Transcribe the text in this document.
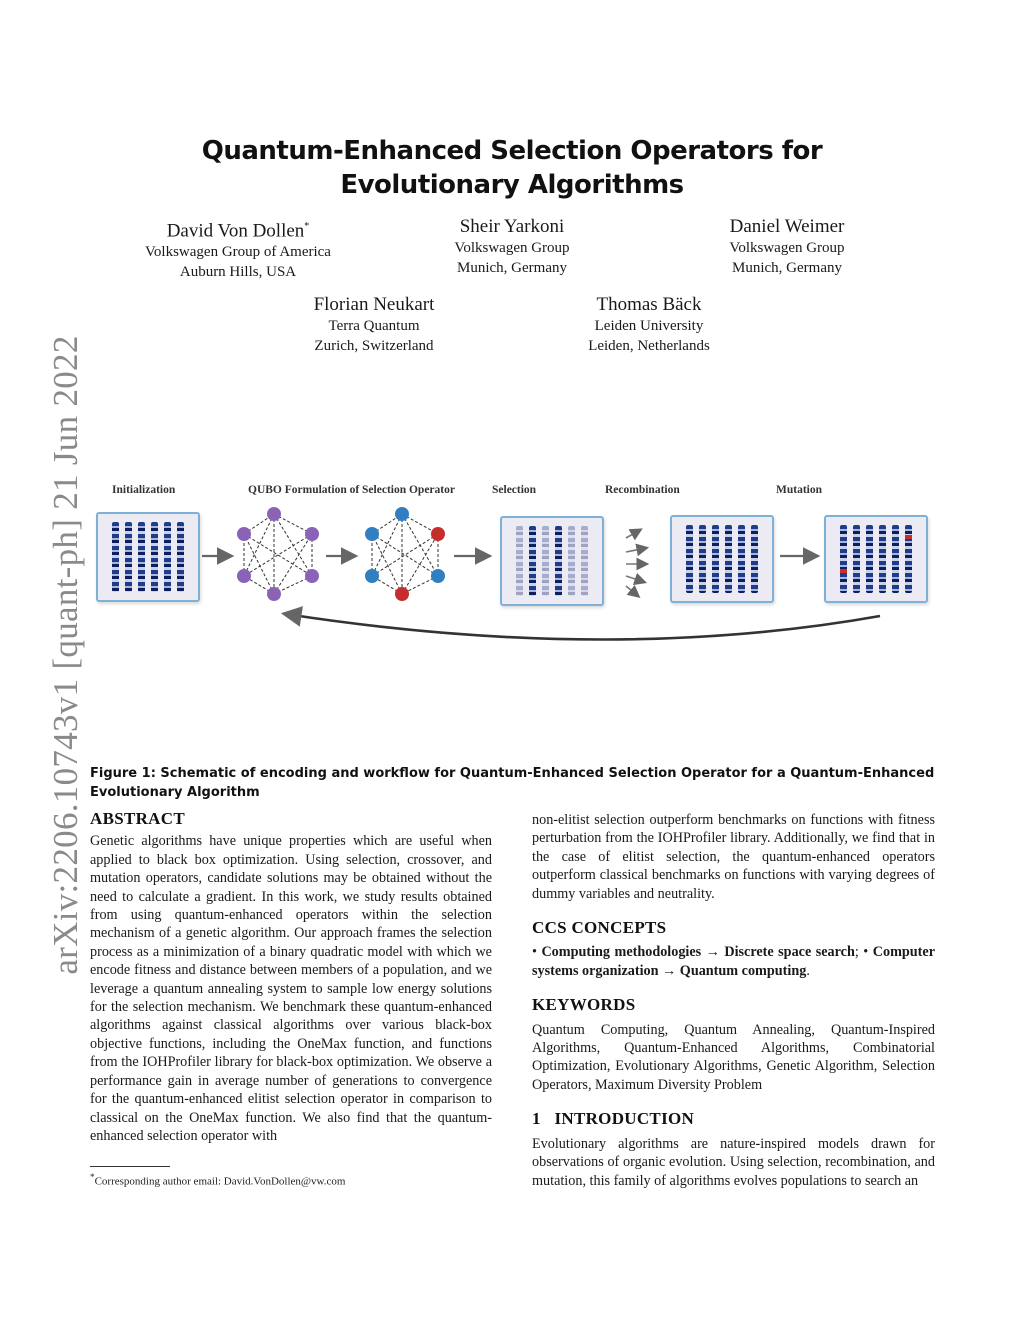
arXiv:2206.10743v1 [quant-ph] 21 Jun 2022
Quantum-Enhanced Selection Operators for Evolutionary Algorithms
David Von Dollen*
Volkswagen Group of America
Auburn Hills, USA
Sheir Yarkoni
Volkswagen Group
Munich, Germany
Daniel Weimer
Volkswagen Group
Munich, Germany
Florian Neukart
Terra Quantum
Zurich, Switzerland
Thomas Bäck
Leiden University
Leiden, Netherlands
Initialization	QUBO Formulation of Selection Operator	Selection	Recombination	Mutation
Figure 1: Schematic of encoding and workflow for Quantum-Enhanced Selection Operator for a Quantum-Enhanced Evolutionary Algorithm

ABSTRACT

Genetic algorithms have unique properties which are useful when applied to black box optimization. Using selection, crossover, and mutation operators, candidate solutions may be obtained without the need to calculate a gradient. In this work, we study results obtained from using quantum-enhanced operators within the selection mechanism of a genetic algorithm. Our approach frames the selection process as a minimization of a binary quadratic model with which we encode fitness and distance between members of a population, and we leverage a quantum annealing system to sample low energy solutions for the selection mechanism. We benchmark these quantum-enhanced algorithms against classical algorithms over various black-box objective functions, including the OneMax function, and functions from the IOHProfiler library for black-box optimization. We observe a performance gain in average number of generations to convergence for the quantum-enhanced elitist selection operator in comparison to classical on the OneMax function. We also find that the quantum-enhanced selection operator with
non-elitist selection outperform benchmarks on functions with fitness perturbation from the IOHProfiler library. Additionally, we find that in the case of elitist selection, the quantum-enhanced operators outperform classical benchmarks on functions with varying degrees of dummy variables and neutrality.

CCS CONCEPTS

• Computing methodologies → Discrete space search; • Computer systems organization → Quantum computing.

KEYWORDS

Quantum Computing, Quantum Annealing, Quantum-Inspired Algorithms, Quantum-Enhanced Algorithms, Combinatorial Optimization, Evolutionary Algorithms, Genetic Algorithm, Selection Operators, Maximum Diversity Problem

1 INTRODUCTION

Evolutionary algorithms are nature-inspired models drawn for observations of organic evolution. Using selection, recombination, and mutation, this family of algorithms evolves populations to search an
*Corresponding author email: David.VonDollen@vw.com
